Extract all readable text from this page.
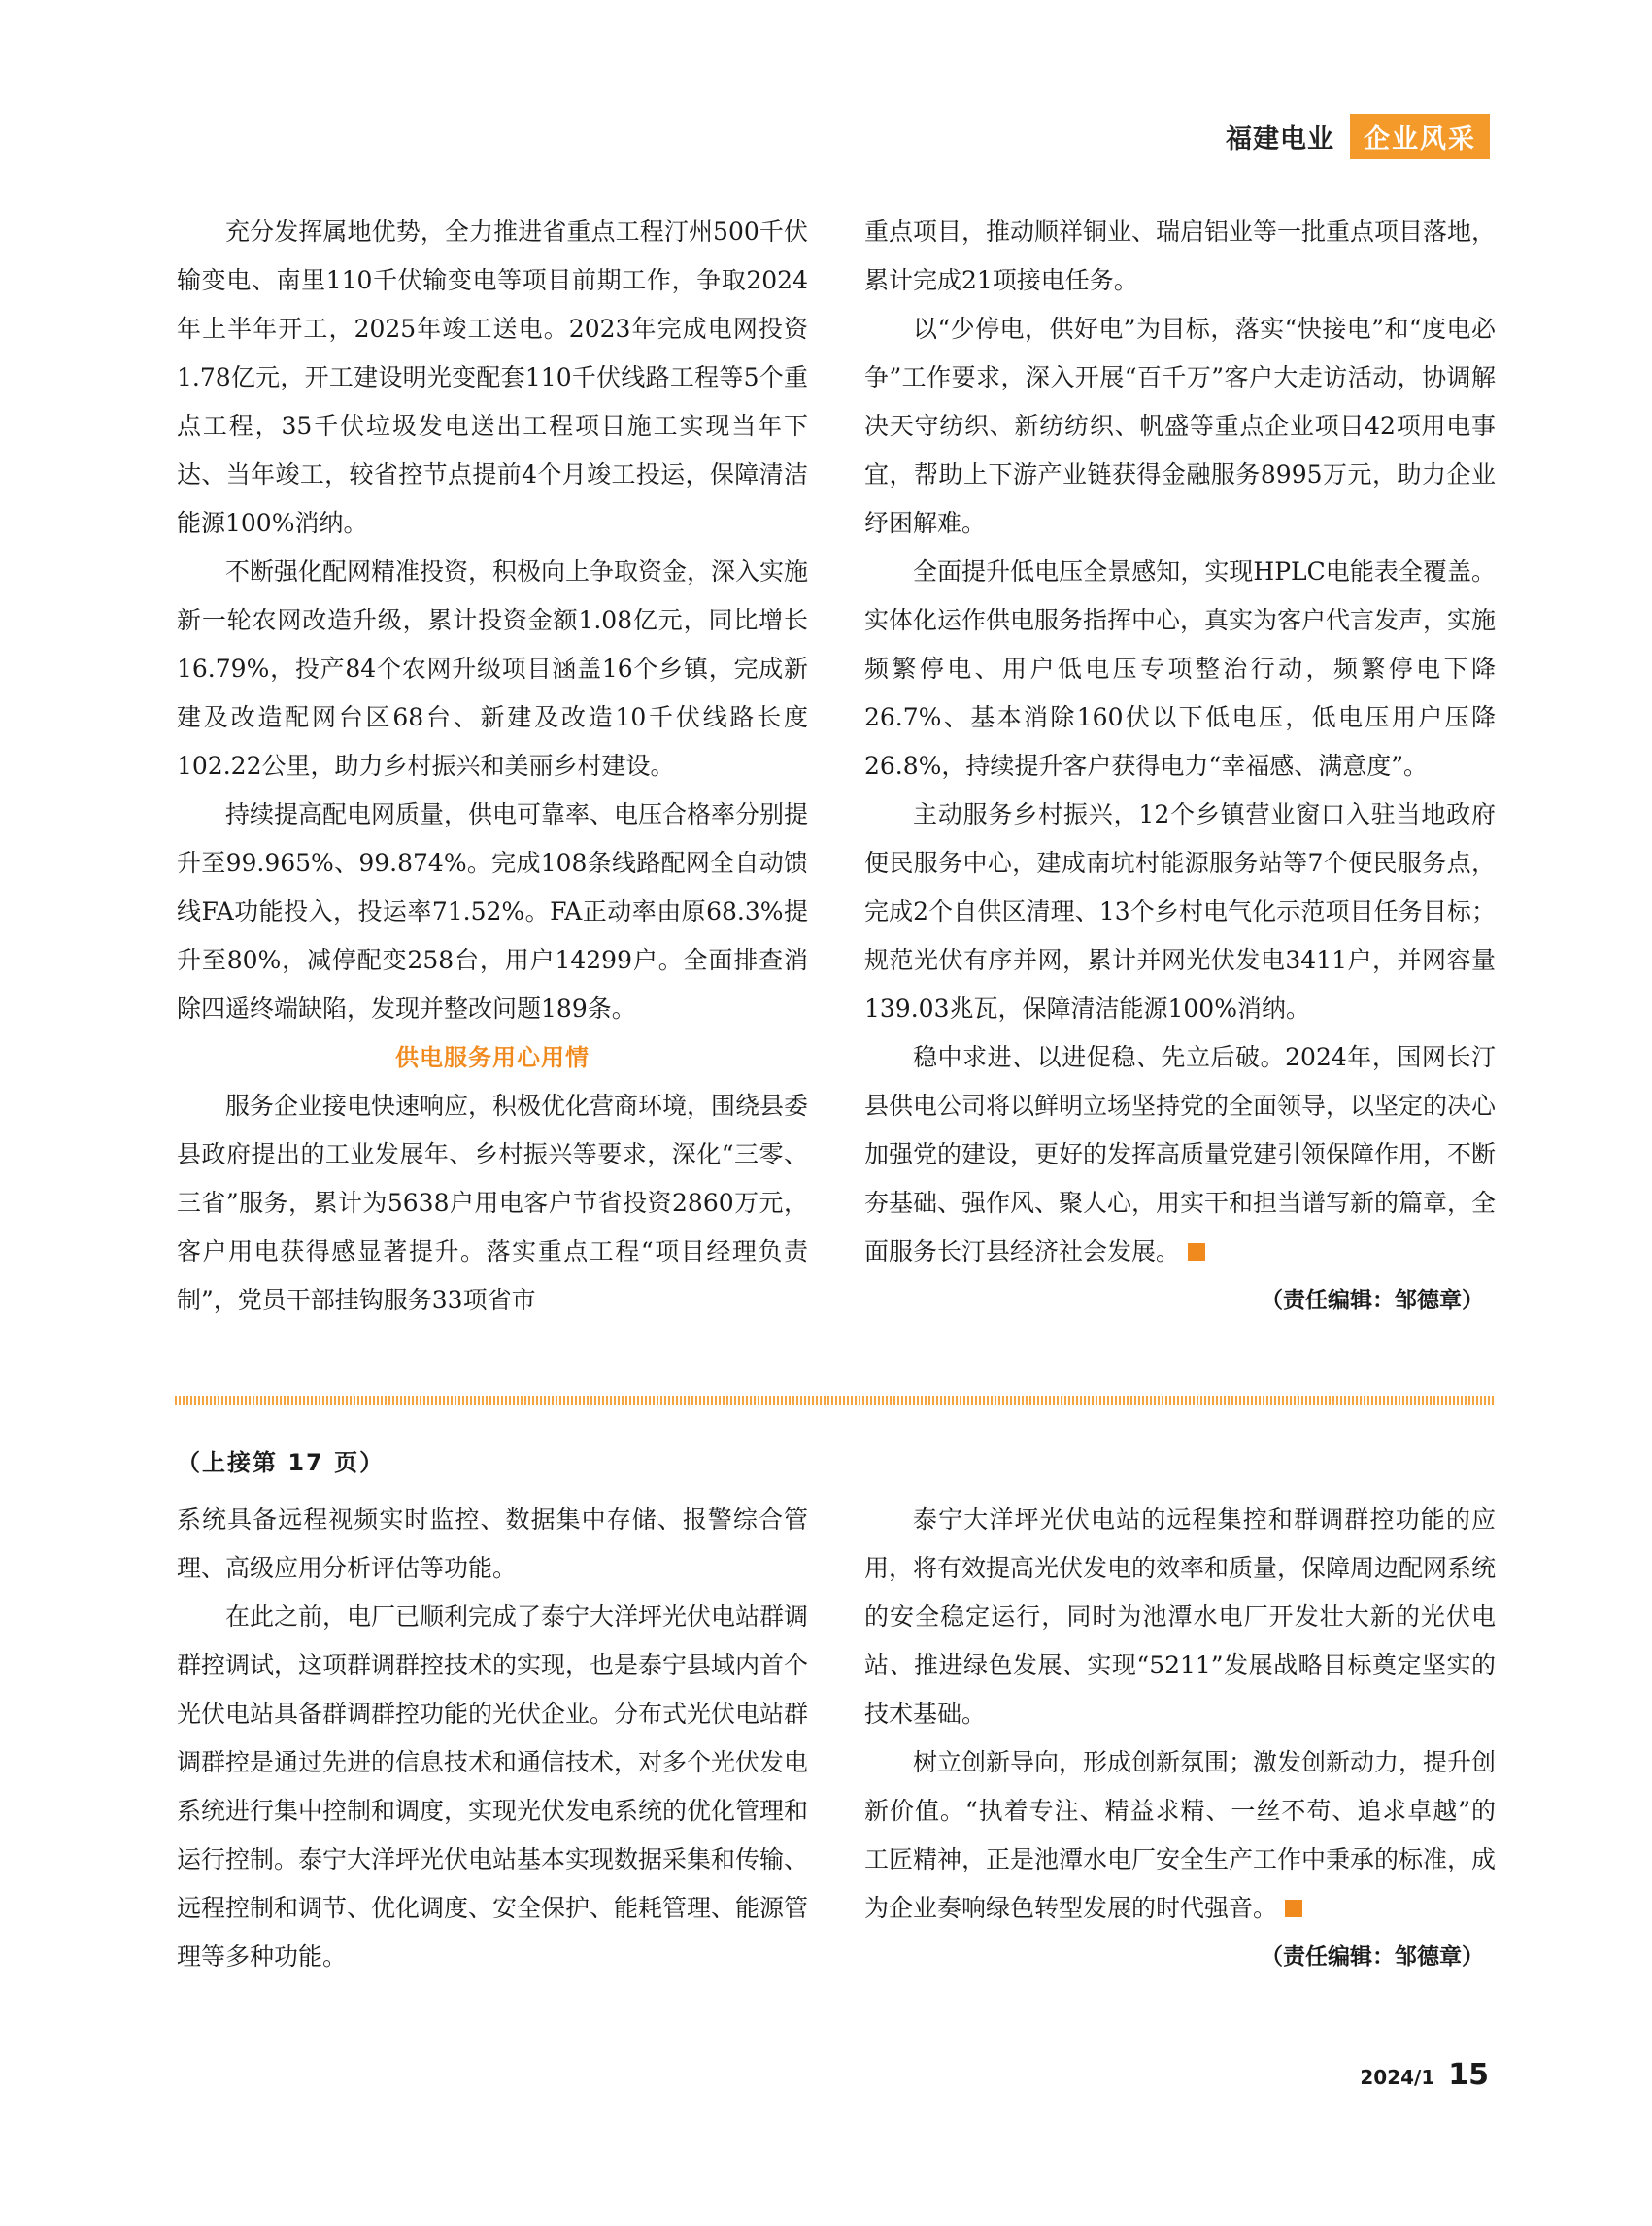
福建电业	企业风采

充分发挥属地优势，全力推进省重点工程汀州500千伏输变电、南里110千伏输变电等项目前期工作，争取2024年上半年开工，2025年竣工送电。2023年完成电网投资1.78亿元，开工建设明光变配套110千伏线路工程等5个重点工程，35千伏垃圾发电送出工程项目施工实现当年下达、当年竣工，较省控节点提前4个月竣工投运，保障清洁能源100%消纳。

不断强化配网精准投资，积极向上争取资金，深入实施新一轮农网改造升级，累计投资金额1.08亿元，同比增长16.79%，投产84个农网升级项目涵盖16个乡镇，完成新建及改造配网台区68台、新建及改造10千伏线路长度102.22公里，助力乡村振兴和美丽乡村建设。

持续提高配电网质量，供电可靠率、电压合格率分别提升至99.965%、99.874%。完成108条线路配网全自动馈线FA功能投入，投运率71.52%。FA正动率由原68.3%提升至80%，减停配变258台，用户14299户。全面排查消除四遥终端缺陷，发现并整改问题189条。

供电服务用心用情

服务企业接电快速响应，积极优化营商环境，围绕县委县政府提出的工业发展年、乡村振兴等要求，深化“三零、三省”服务，累计为5638户用电客户节省投资2860万元，客户用电获得感显著提升。落实重点工程“项目经理负责制”，党员干部挂钩服务33项省市

重点项目，推动顺祥铜业、瑞启铝业等一批重点项目落地，累计完成21项接电任务。

以“少停电，供好电”为目标，落实“快接电”和“度电必争”工作要求，深入开展“百千万”客户大走访活动，协调解决天守纺织、新纺纺织、帆盛等重点企业项目42项用电事宜，帮助上下游产业链获得金融服务8995万元，助力企业纾困解难。

全面提升低电压全景感知，实现HPLC电能表全覆盖。实体化运作供电服务指挥中心，真实为客户代言发声，实施频繁停电、用户低电压专项整治行动，频繁停电下降26.7%、基本消除160伏以下低电压，低电压用户压降26.8%，持续提升客户获得电力“幸福感、满意度”。

主动服务乡村振兴，12个乡镇营业窗口入驻当地政府便民服务中心，建成南坑村能源服务站等7个便民服务点，完成2个自供区清理、13个乡村电气化示范项目任务目标；规范光伏有序并网，累计并网光伏发电3411户，并网容量139.03兆瓦，保障清洁能源100%消纳。

稳中求进、以进促稳、先立后破。2024年，国网长汀县供电公司将以鲜明立场坚持党的全面领导，以坚定的决心加强党的建设，更好的发挥高质量党建引领保障作用，不断夯基础、强作风、聚人心，用实干和担当谱写新的篇章，全面服务长汀县经济社会发展。

（责任编辑：邹德章）
（上接第 17 页）

系统具备远程视频实时监控、数据集中存储、报警综合管理、高级应用分析评估等功能。

在此之前，电厂已顺利完成了泰宁大洋坪光伏电站群调群控调试，这项群调群控技术的实现，也是泰宁县域内首个光伏电站具备群调群控功能的光伏企业。分布式光伏电站群调群控是通过先进的信息技术和通信技术，对多个光伏发电系统进行集中控制和调度，实现光伏发电系统的优化管理和运行控制。泰宁大洋坪光伏电站基本实现数据采集和传输、远程控制和调节、优化调度、安全保护、能耗管理、能源管理等多种功能。

泰宁大洋坪光伏电站的远程集控和群调群控功能的应用，将有效提高光伏发电的效率和质量，保障周边配网系统的安全稳定运行，同时为池潭水电厂开发壮大新的光伏电站、推进绿色发展、实现“5211”发展战略目标奠定坚实的技术基础。

树立创新导向，形成创新氛围；激发创新动力，提升创新价值。“执着专注、精益求精、一丝不苟、追求卓越”的工匠精神，正是池潭水电厂安全生产工作中秉承的标准，成为企业奏响绿色转型发展的时代强音。

（责任编辑：邹德章）
2024/1 15
